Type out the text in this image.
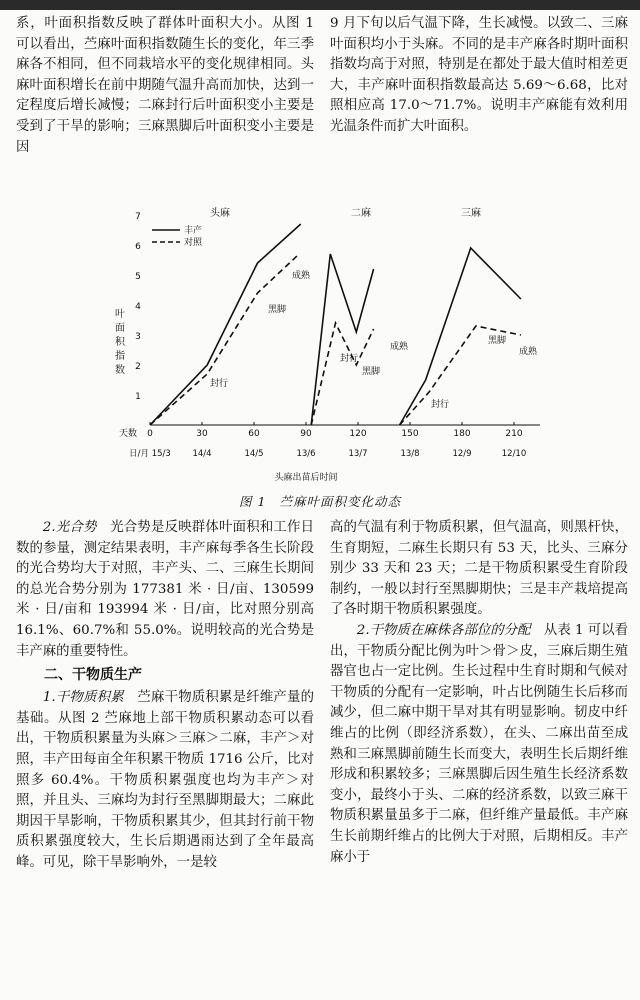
系，叶面积指数反映了群体叶面积大小。从图 1 可以看出，苎麻叶面积指数随生长的变化，年三季麻各不相同，但不同栽培水平的变化规律相同。头麻叶面积增长在前中期随气温升高而加快，达到一定程度后增长减慢；二麻封行后叶面积变小主要是受到了干旱的影响；三麻黑脚后叶面积变小主要是因

9 月下旬以后气温下降，生长减慢。以致二、三麻叶面积均小于头麻。不同的是丰产麻各时期叶面积指数均高于对照，特别是在都处于最大值时相差更大，丰产麻叶面积指数最高达 5.69～6.68，比对照相应高 17.0～71.7%。说明丰产麻能有效利用光温条件而扩大叶面积。

1
2
3
4
5
6
7
叶面积指数
天数 0
日/月 15/3
30
14/4
60
14/5
90
13/6
120
13/7
150
13/8
180
12/9
210
12/10
头麻出苗后时间
丰产
对照
头麻	二麻	三麻
封行
黑脚
成熟
封行
黑脚
成熟
封行
黑脚
成熟
图 1 苎麻叶面积变化动态

2.光合势　 光合势是反映群体叶面积和工作日数的参量，测定结果表明，丰产麻每季各生长阶段的光合势均大于对照，丰产头、二、三麻生长期间的总光合势分别为 177381 米 · 日/亩、130599 米 · 日/亩和 193994 米 · 日/亩，比对照分别高 16.1%、60.7%和 55.0%。说明较高的光合势是丰产麻的重要特性。

二、干物质生产

1.干物质积累　 苎麻干物质积累是纤维产量的基础。从图 2 苎麻地上部干物质积累动态可以看出，干物质积累量为头麻＞三麻＞二麻，丰产＞对照，丰产田每亩全年积累干物质 1716 公斤，比对照多 60.4%。干物质积累强度也均为丰产＞对照，并且头、三麻均为封行至黑脚期最大；二麻此期因干旱影响，干物质积累其少，但其封行前干物质积累强度较大，生长后期遇雨达到了全年最高峰。可见，除干旱影响外，一是较

高的气温有利于物质积累，但气温高，则黑杆快，生育期短，二麻生长期只有 53 天，比头、三麻分别少 33 天和 23 天；二是干物质积累受生育阶段制约，一般以封行至黑脚期快；三是丰产栽培提高了各时期干物质积累强度。

2.干物质在麻株各部位的分配　 从表 1 可以看出，干物质分配比例为叶＞骨＞皮，三麻后期生殖器官也占一定比例。生长过程中生育时期和气候对干物质的分配有一定影响，叶占比例随生长后移而减少，但二麻中期干旱对其有明显影响。韧皮中纤维占的比例（即经济系数），在头、二麻出苗至成熟和三麻黑脚前随生长而变大，表明生长后期纤维形成和积累较多；三麻黑脚后因生殖生长经济系数变小，最终小于头、二麻的经济系数，以致三麻干物质积累量虽多于二麻，但纤维产量最低。丰产麻生长前期纤维占的比例大于对照，后期相反。丰产麻小于
